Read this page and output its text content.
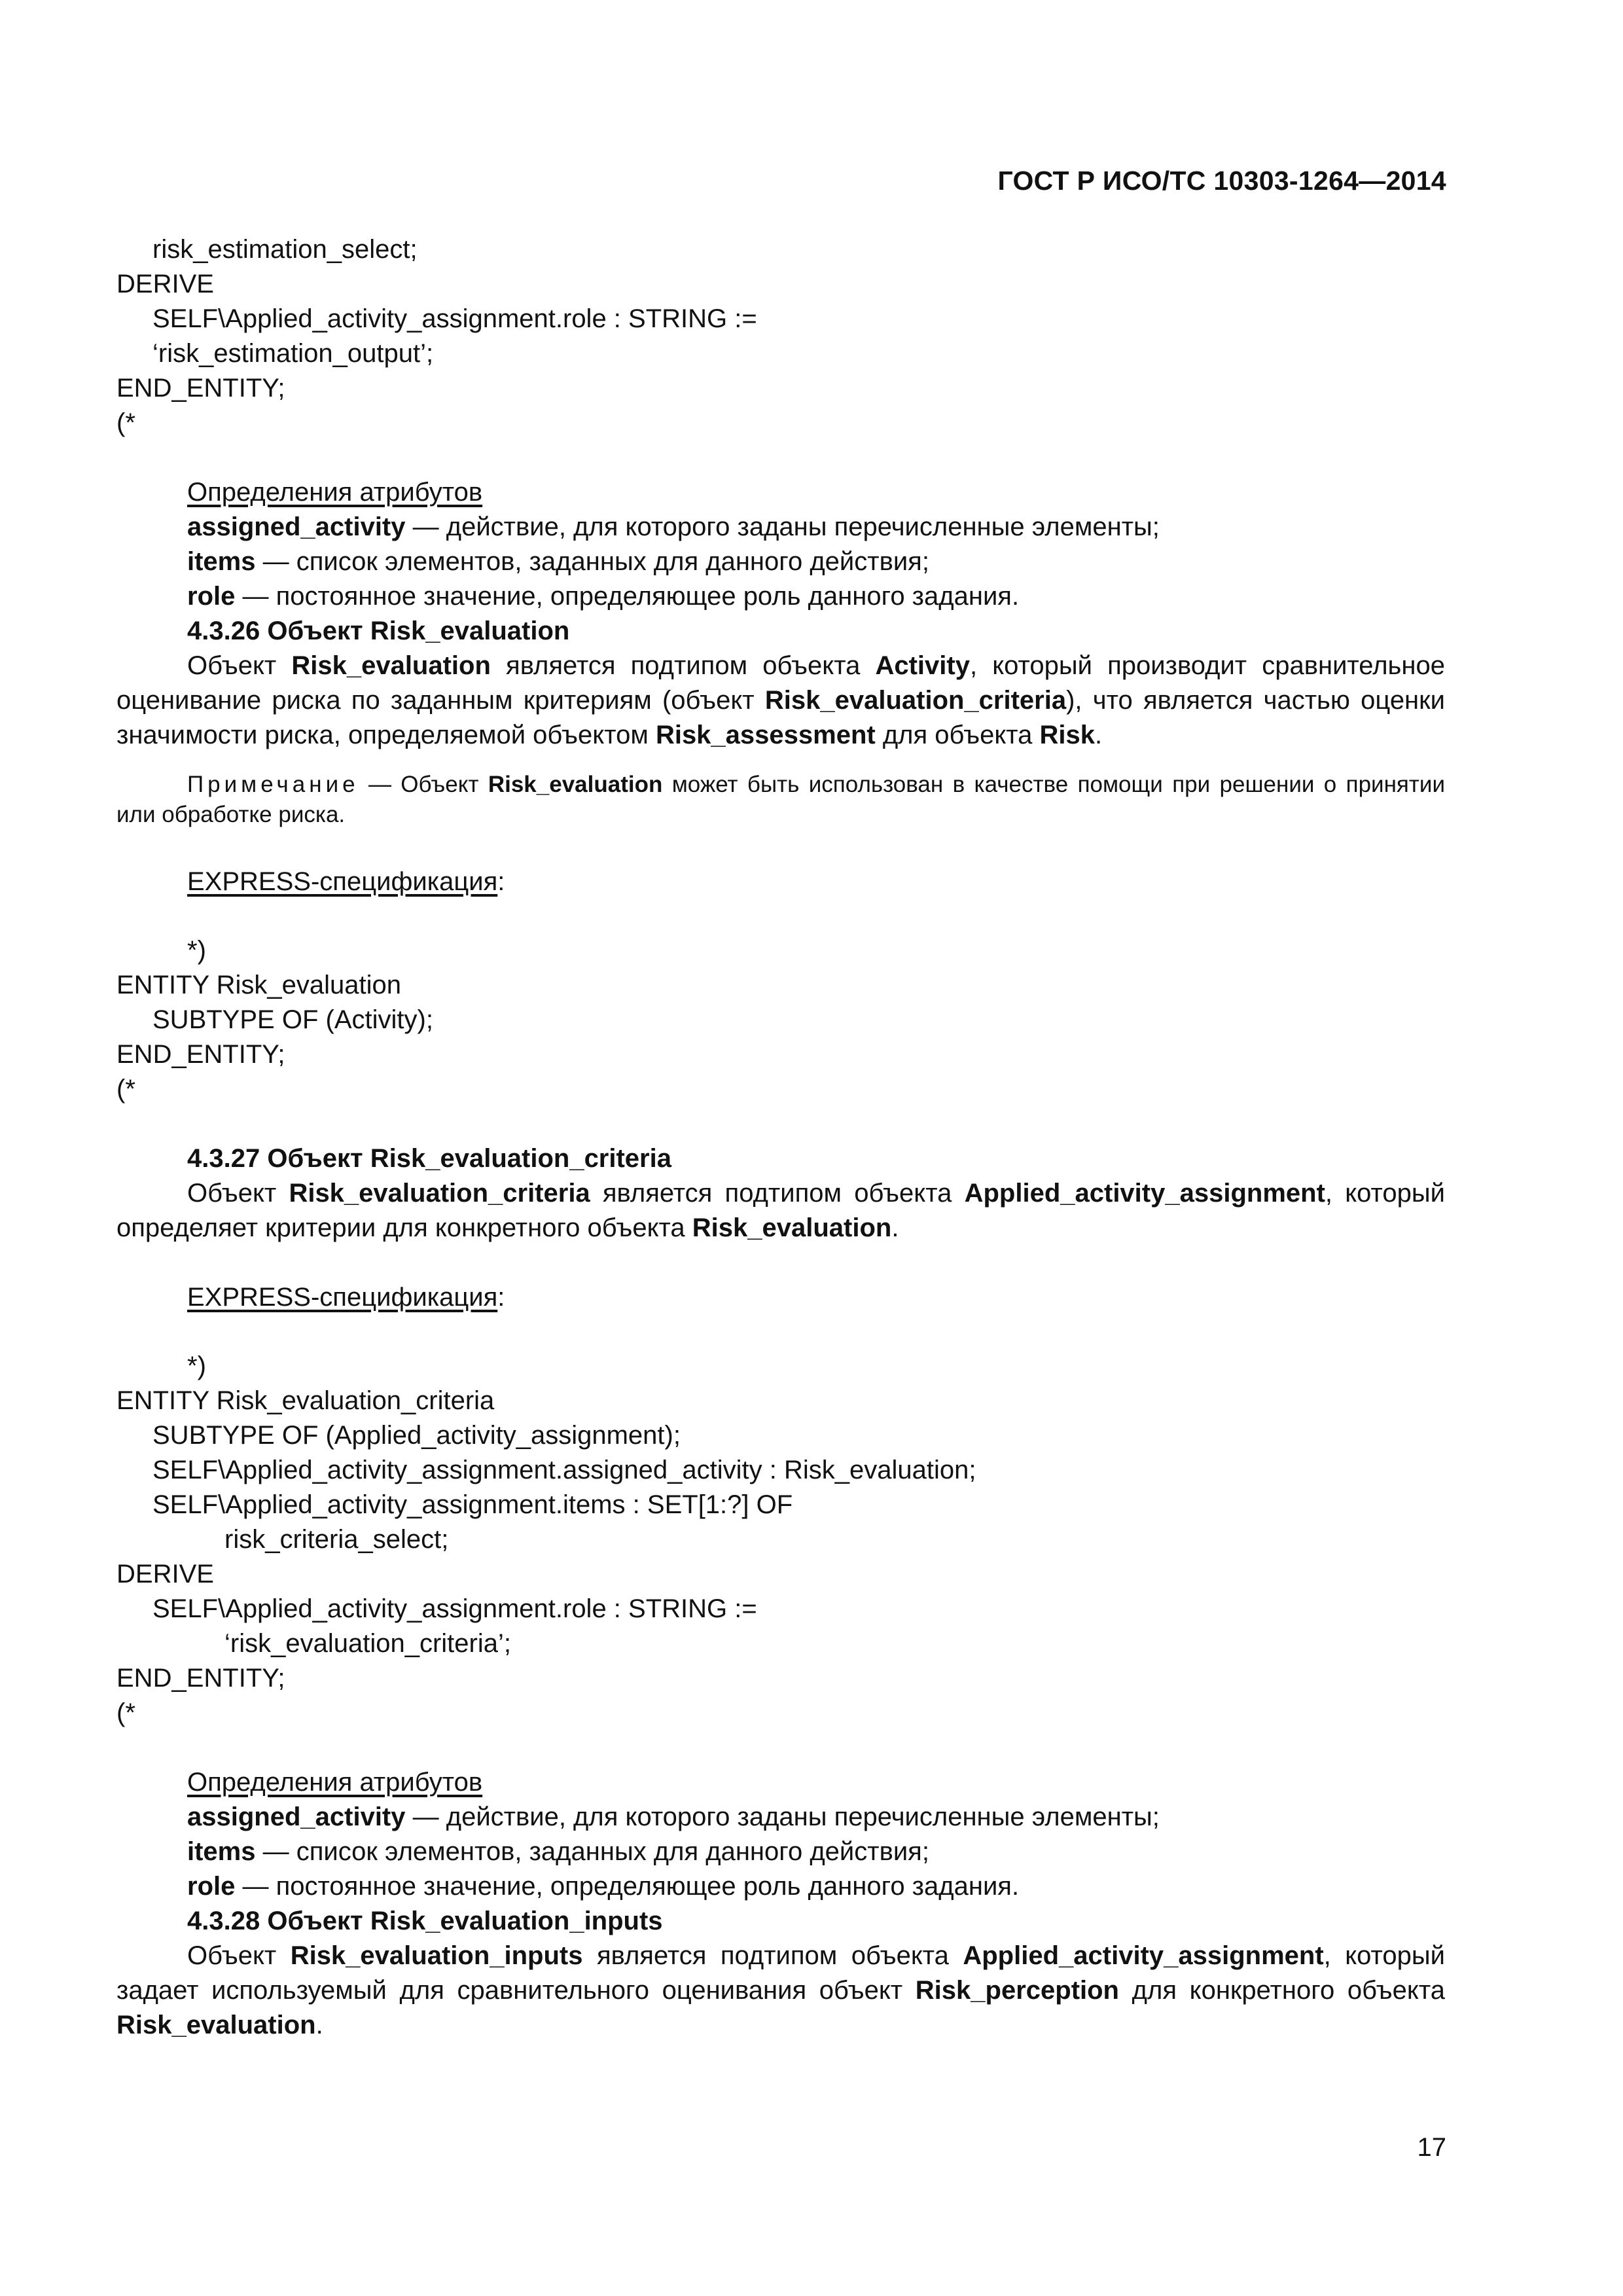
ГОСТ Р ИСО/ТС 10303-1264—2014
risk_estimation_select;
DERIVE
SELF\Applied_activity_assignment.role : STRING :=
‘risk_estimation_output’;
END_ENTITY;
(*
Определения атрибутов
assigned_activity — действие, для которого заданы перечисленные элементы;
items — список элементов, заданных для данного действия;
role — постоянное значение, определяющее роль данного задания.
4.3.26 Объект Risk_evaluation
Объект Risk_evaluation является подтипом объекта Activity, который производит сравнительное оценивание риска по заданным критериям (объект Risk_evaluation_criteria), что является частью оценки значимости риска, определяемой объектом Risk_assessment для объекта Risk.
Примечание — Объект Risk_evaluation может быть использован в качестве помощи при решении о принятии или обработке риска.
EXPRESS-спецификация:
*)
ENTITY Risk_evaluation
SUBTYPE OF (Activity);
END_ENTITY;
(*
4.3.27 Объект Risk_evaluation_criteria
Объект Risk_evaluation_criteria является подтипом объекта Applied_activity_assignment, который определяет критерии для конкретного объекта Risk_evaluation.
EXPRESS-спецификация:
*)
ENTITY Risk_evaluation_criteria
SUBTYPE OF (Applied_activity_assignment);
SELF\Applied_activity_assignment.assigned_activity : Risk_evaluation;
SELF\Applied_activity_assignment.items : SET[1:?] OF
risk_criteria_select;
DERIVE
SELF\Applied_activity_assignment.role : STRING :=
‘risk_evaluation_criteria’;
END_ENTITY;
(*
Определения атрибутов
assigned_activity — действие, для которого заданы перечисленные элементы;
items — список элементов, заданных для данного действия;
role — постоянное значение, определяющее роль данного задания.
4.3.28 Объект Risk_evaluation_inputs
Объект Risk_evaluation_inputs является подтипом объекта Applied_activity_assignment, который задает используемый для сравнительного оценивания объект Risk_perception для конкретного объекта Risk_evaluation.
17
